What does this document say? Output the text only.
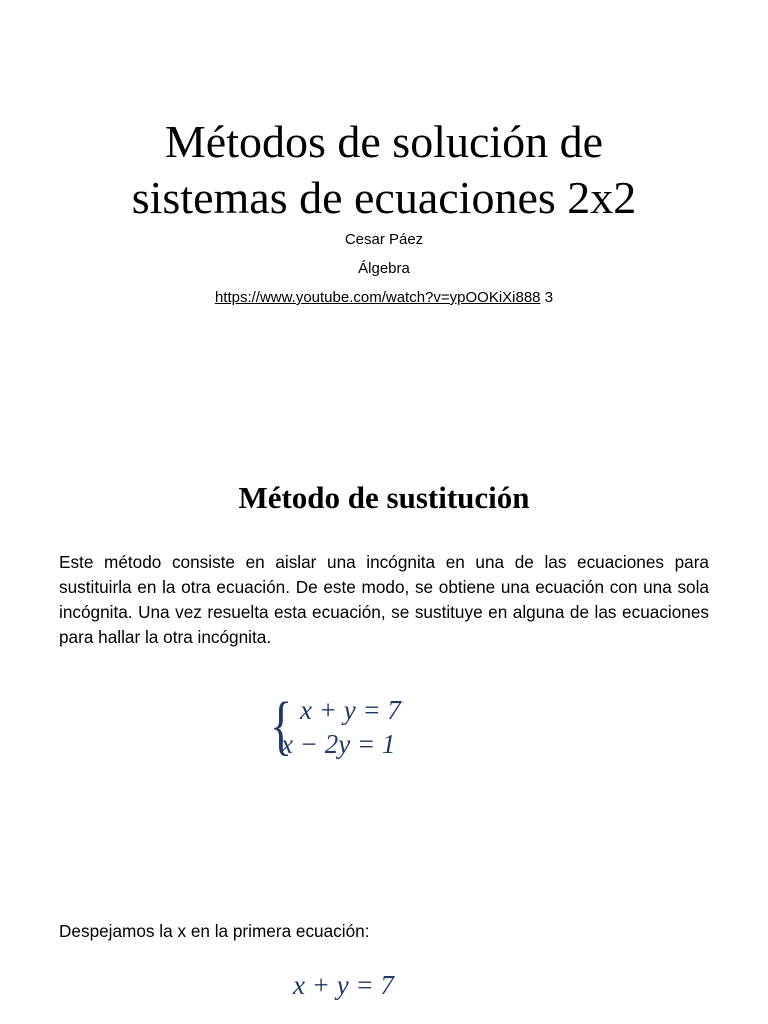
Métodos de solución de
sistemas de ecuaciones 2x2
Cesar Páez
Álgebra
https://www.youtube.com/watch?v=ypOOKiXi888 3
Método de sustitución

Este método consiste en aislar una incógnita en una de las ecuaciones para sustituirla en la otra ecuación. De este modo, se obtiene una ecuación con una sola incógnita. Una vez resuelta esta ecuación, se sustituye en alguna de las ecuaciones para hallar la otra incógnita.

{ x + y = 7
x − 2y = 1

Despejamos la x en la primera ecuación:

x + y = 7
